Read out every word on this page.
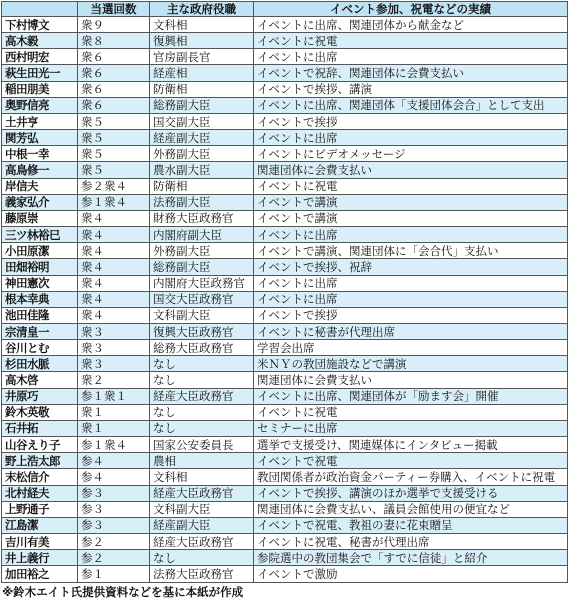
	当選回数	主な政府役職	イベント参加、祝電などの実績
下村博文	衆９	文科相	イベントに出席、関連団体から献金など
高木毅	衆８	復興相	イベントに祝電
西村明宏	衆６	官房副長官	イベントに出席
萩生田光一	衆６	経産相	イベントで祝辞、関連団体に会費支払い
稲田朋美	衆６	防衛相	イベントで挨拶、講演
奥野信亮	衆６	総務副大臣	イベントに出席、関連団体「支援団体会合」として支出
土井亨	衆５	国交副大臣	イベントで挨拶
関芳弘	衆５	経産副大臣	イベントに出席
中根一幸	衆５	外務副大臣	イベントにビデオメッセージ
高鳥修一	衆５	農水副大臣	関連団体に会費支払い
岸信夫	参２衆４	防衛相	イベントに祝電
義家弘介	参１衆４	法務副大臣	イベントで講演
藤原崇	衆４	財務大臣政務官	イベントで講演
三ツ林裕巳	衆４	内閣府副大臣	イベントに出席
小田原潔	衆４	外務副大臣	イベントで講演、関連団体に「会合代」支払い
田畑裕明	衆４	総務副大臣	イベントで挨拶、祝辞
神田憲次	衆４	内閣府大臣政務官	イベントに出席
根本幸典	衆４	国交大臣政務官	イベントに出席
池田佳隆	衆４	文科副大臣	イベントで挨拶
宗清皇一	衆３	復興大臣政務官	イベントに秘書が代理出席
谷川とむ	衆３	総務大臣政務官	学習会出席
杉田水脈	衆３	なし	米ＮＹの教団施設などで講演
高木啓	衆２	なし	関連団体に会費支払い
井原巧	参１衆１	経産大臣政務官	イベントに出席、関連団体が「励ます会」開催
鈴木英敬	衆１	なし	イベントに祝電
石井拓	衆１	なし	セミナーに出席
山谷えり子	参１衆４	国家公安委員長	選挙で支援受け、関連媒体にインタビュー掲載
野上浩太郎	参４	農相	イベントで祝電
末松信介	参４	文科相	教団関係者が政治資金パーティー券購入、イベントに祝電
北村経夫	参３	経産大臣政務官	イベントで挨拶、講演のほか選挙で支援受ける
上野通子	参３	文科副大臣	関連団体に会費支払い、議員会館使用の便宜など
江島潔	参３	経産副大臣	イベントで祝電、教祖の妻に花束贈呈
吉川有美	参２	経産大臣政務官	イベントに祝電、秘書が代理出席
井上義行	参２	なし	参院選中の教団集会で「すでに信徒」と紹介
加田裕之	参１	法務大臣政務官	イベントで激励
※鈴木エイト氏提供資料などを基に本紙が作成
